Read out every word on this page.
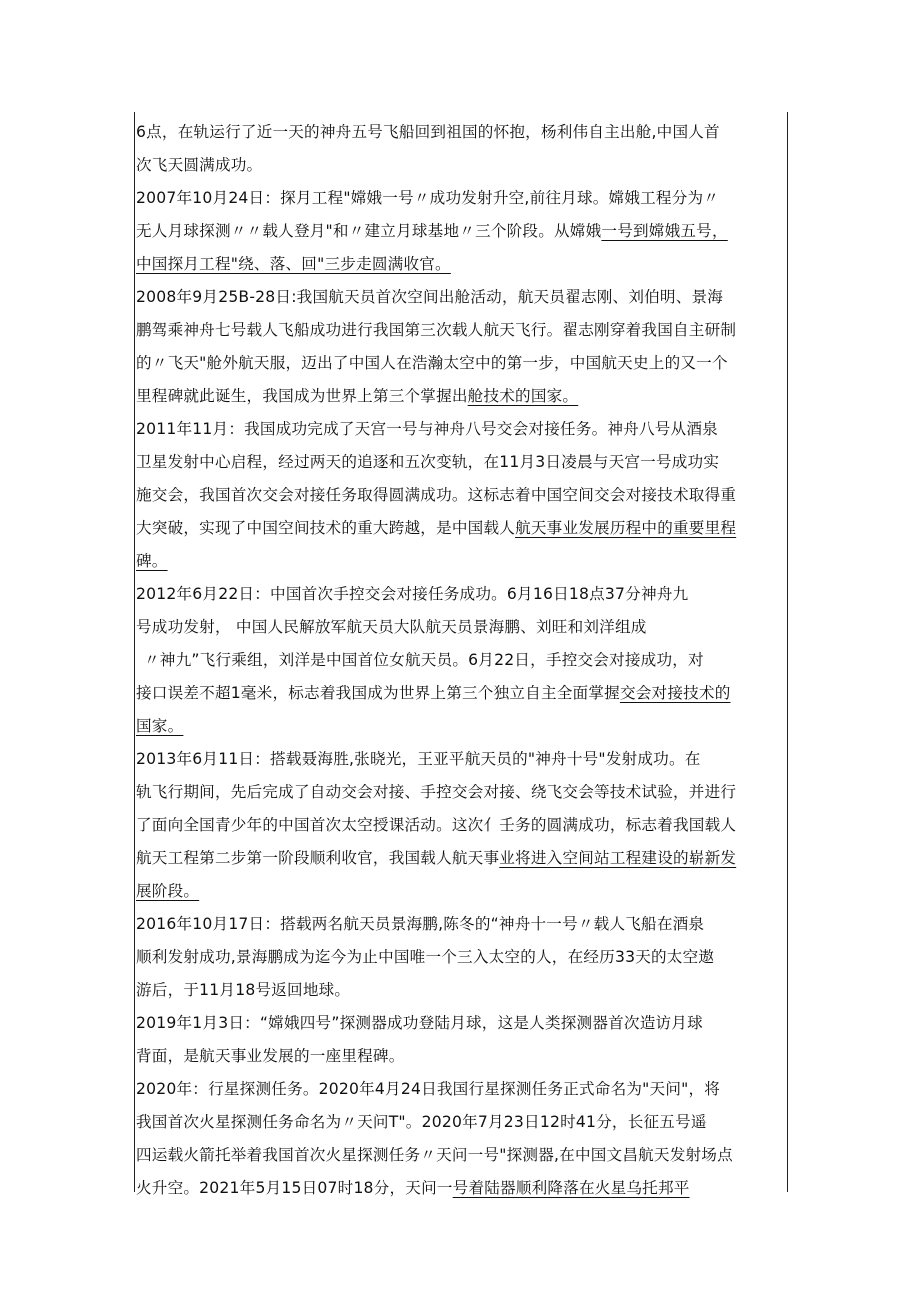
6点，在轨运行了近一天的神舟五号飞船回到祖国的怀抱，杨利伟自主出舱,中国人首
次飞天圆满成功。
2007年10月24日：探月工程"嫦娥一号〃成功发射升空,前往月球。嫦娥工程分为〃
无人月球探测〃〃载人登月"和〃建立月球基地〃三个阶段。从嫦娥一号到嫦娥五号，
中国探月工程"绕、落、回"三步走圆满收官。
2008年9月25B-28日:我国航天员首次空间出舱活动，航天员翟志刚、刘伯明、景海
鹏驾乘神舟七号载人飞船成功进行我国第三次载人航天飞行。翟志刚穿着我国自主研制
的〃飞天"舱外航天服，迈出了中国人在浩瀚太空中的第一步，中国航天史上的又一个
里程碑就此诞生，我国成为世界上第三个掌握出舱技术的国家。
2011年11月：我国成功完成了天宫一号与神舟八号交会对接任务。神舟八号从酒泉
卫星发射中心启程，经过两天的追逐和五次变轨，在11月3日凌晨与天宫一号成功实
施交会，我国首次交会对接任务取得圆满成功。这标志着中国空间交会对接技术取得重
大突破，实现了中国空间技术的重大跨越，是中国载人航天事业发展历程中的重要里程
碑。
2012年6月22日：中国首次手控交会对接任务成功。6月16日18点37分神舟九
号成功发射， 中国人民解放军航天员大队航天员景海鹏、刘旺和刘洋组成
〃神九”飞行乘组，刘洋是中国首位女航天员。6月22日，手控交会对接成功，对
接口误差不超1毫米，标志着我国成为世界上第三个独立自主全面掌握交会对接技术的
国家。
2013年6月11日：搭载聂海胜,张晓光，王亚平航天员的"神舟十号"发射成功。在
轨飞行期间，先后完成了自动交会对接、手控交会对接、绕飞交会等技术试验，并进行
了面向全国青少年的中国首次太空授课活动。这次亻壬务的圆满成功，标志着我国载人
航天工程第二步第一阶段顺利收官，我国载人航天事业将进入空间站工程建设的崭新发
展阶段。
2016年10月17日：搭载两名航天员景海鹏,陈冬的“神舟十一号〃载人飞船在酒泉
顺利发射成功,景海鹏成为迄今为止中国唯一个三入太空的人，在经历33天的太空遨
游后，于11月18号返回地球。
2019年1月3日：“嫦娥四号”探测器成功登陆月球，这是人类探测器首次造访月球
背面，是航天事业发展的一座里程碑。
2020年：行星探测任务。2020年4月24日我国行星探测任务正式命名为"天问"，将
我国首次火星探测任务命名为〃天问T"。2020年7月23日12时41分，长征五号遥
四运载火箭托举着我国首次火星探测任务〃天问一号"探测器,在中国文昌航天发射场点
火升空。2021年5月15日07时18分，天问一号着陆器顺利降落在火星乌托邦平
